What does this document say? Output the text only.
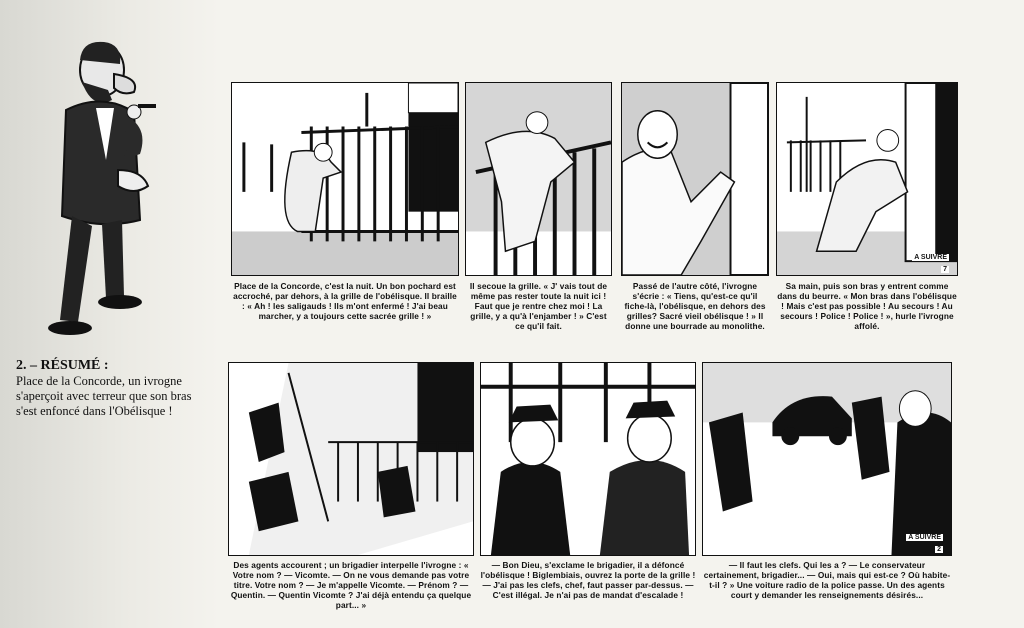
2. – RÉSUMÉ :
Place de la Concorde, un ivrogne s'aperçoit avec terreur que son bras s'est enfoncé dans l'Obélisque !
A SUIVRE
7
Place de la Concorde, c'est la nuit. Un bon pochard est accroché, par dehors, à la grille de l'obélisque. Il braille : « Ah ! les saligauds ! Ils m'ont enfermé ! J'ai beau marcher, y a toujours cette sacrée grille ! »
Il secoue la grille. « J' vais tout de même pas rester toute la nuit ici ! Faut que je rentre chez moi ! La grille, y a qu'à l'enjamber ! » C'est ce qu'il fait.
Passé de l'autre côté, l'ivrogne s'écrie : « Tiens, qu'est-ce qu'il fiche-là, l'obélisque, en dehors des grilles? Sacré vieil obélisque ! » Il donne une bourrade au monolithe.
Sa main, puis son bras y entrent comme dans du beurre. « Mon bras dans l'obélisque ! Mais c'est pas possible ! Au secours ! Au secours ! Police ! Police ! », hurle l'ivrogne affolé.
A SUIVRE
2
Des agents accourent ; un brigadier interpelle l'ivrogne : « Votre nom ? — Vicomte. — On ne vous demande pas votre titre. Votre nom ? — Je m'appelle Vicomte. — Prénom ? — Quentin. — Quentin Vicomte ? J'ai déjà entendu ça quelque part... »
— Bon Dieu, s'exclame le brigadier, il a défoncé l'obélisque ! Biglembiais, ouvrez la porte de la grille ! — J'ai pas les clefs, chef, faut passer par-dessus. — C'est illégal. Je n'ai pas de mandat d'escalade !
— Il faut les clefs. Qui les a ? — Le conservateur certainement, brigadier... — Oui, mais qui est-ce ? Où habite-t-il ? » Une voiture radio de la police passe. Un des agents court y demander les renseignements désirés...
